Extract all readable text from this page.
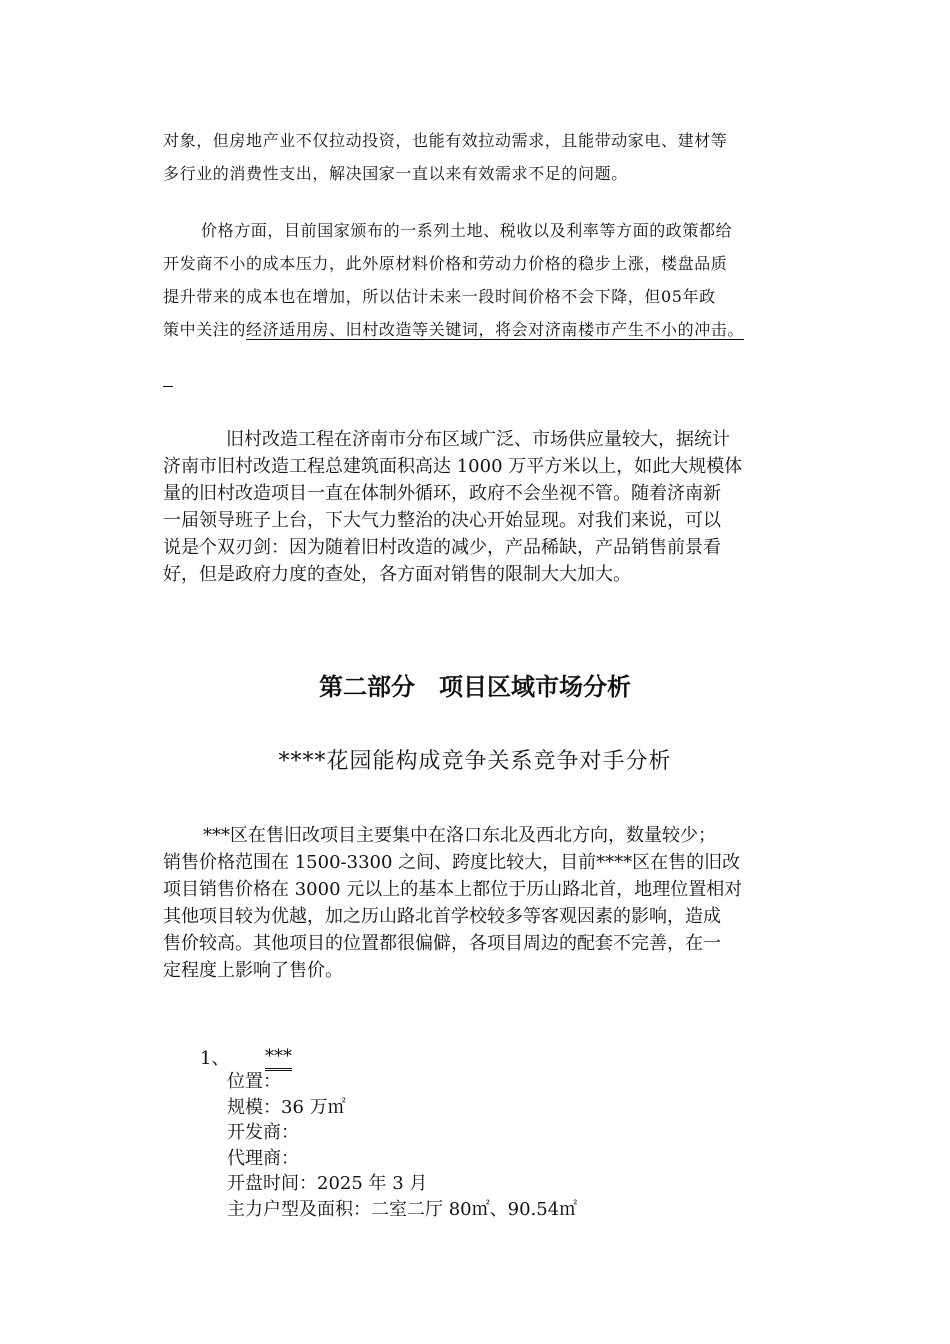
对象，但房地产业不仅拉动投资，也能有效拉动需求，且能带动家电、建材等
多行业的消费性支出，解决国家一直以来有效需求不足的问题。
价格方面，目前国家颁布的一系列土地、税收以及利率等方面的政策都给
开发商不小的成本压力，此外原材料价格和劳动力价格的稳步上涨，楼盘品质
提升带来的成本也在增加，所以估计未来一段时间价格不会下降，但05年政
策中关注的经济适用房、旧村改造等关键词，将会对济南楼市产生不小的冲击。
旧村改造工程在济南市分布区域广泛、市场供应量较大，据统计
济南市旧村改造工程总建筑面积高达 1000 万平方米以上，如此大规模体
量的旧村改造项目一直在体制外循环，政府不会坐视不管。随着济南新
一届领导班子上台，下大气力整治的决心开始显现。对我们来说，可以
说是个双刃剑：因为随着旧村改造的减少，产品稀缺，产品销售前景看
好，但是政府力度的查处，各方面对销售的限制大大加大。
第二部分　项目区域市场分析
****花园能构成竞争关系竞争对手分析
***区在售旧改项目主要集中在洛口东北及西北方向，数量较少；
销售价格范围在 1500-3300 之间、跨度比较大，目前****区在售的旧改
项目销售价格在 3000 元以上的基本上都位于历山路北首，地理位置相对
其他项目较为优越，加之历山路北首学校较多等客观因素的影响，造成
售价较高。其他项目的位置都很偏僻，各项目周边的配套不完善，在一
定程度上影响了售价。
1、 ***
位置：
规模：36 万㎡
开发商：
代理商：
开盘时间：2025 年 3 月
主力户型及面积：二室二厅 80㎡、90.54㎡
